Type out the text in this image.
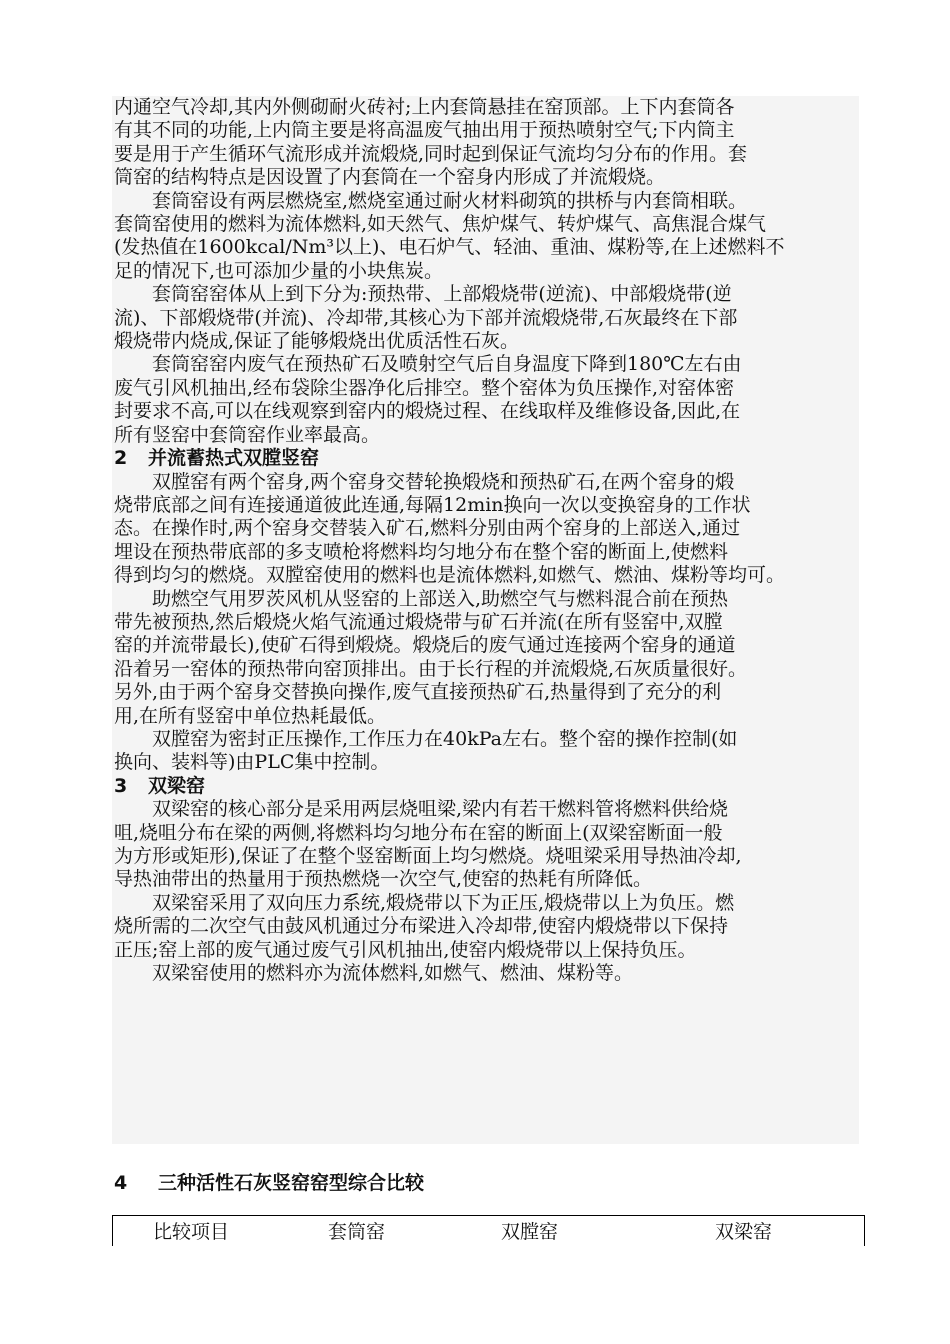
内通空气冷却,其内外侧砌耐火砖衬;上内套筒悬挂在窑顶部。上下内套筒各
有其不同的功能,上内筒主要是将高温废气抽出用于预热喷射空气;下内筒主
要是用于产生循环气流形成并流煅烧,同时起到保证气流均匀分布的作用。套
筒窑的结构特点是因设置了内套筒在一个窑身内形成了并流煅烧。

套筒窑设有两层燃烧室,燃烧室通过耐火材料砌筑的拱桥与内套筒相联。
套筒窑使用的燃料为流体燃料,如天然气、焦炉煤气、转炉煤气、高焦混合煤气
(发热值在1600kcal/Nm³以上)、电石炉气、轻油、重油、煤粉等,在上述燃料不
足的情况下,也可添加少量的小块焦炭。

套筒窑窑体从上到下分为:预热带、上部煅烧带(逆流)、中部煅烧带(逆
流)、下部煅烧带(并流)、冷却带,其核心为下部并流煅烧带,石灰最终在下部
煅烧带内烧成,保证了能够煅烧出优质活性石灰。

套筒窑窑内废气在预热矿石及喷射空气后自身温度下降到180℃左右由
废气引风机抽出,经布袋除尘器净化后排空。整个窑体为负压操作,对窑体密
封要求不高,可以在线观察到窑内的煅烧过程、在线取样及维修设备,因此,在
所有竖窑中套筒窑作业率最高。

2 并流蓄热式双膛竖窑

双膛窑有两个窑身,两个窑身交替轮换煅烧和预热矿石,在两个窑身的煅
烧带底部之间有连接通道彼此连通,每隔12min换向一次以变换窑身的工作状
态。在操作时,两个窑身交替装入矿石,燃料分别由两个窑身的上部送入,通过
埋设在预热带底部的多支喷枪将燃料均匀地分布在整个窑的断面上,使燃料
得到均匀的燃烧。双膛窑使用的燃料也是流体燃料,如燃气、燃油、煤粉等均可。

助燃空气用罗茨风机从竖窑的上部送入,助燃空气与燃料混合前在预热
带先被预热,然后煅烧火焰气流通过煅烧带与矿石并流(在所有竖窑中,双膛
窑的并流带最长),使矿石得到煅烧。煅烧后的废气通过连接两个窑身的通道
沿着另一窑体的预热带向窑顶排出。由于长行程的并流煅烧,石灰质量很好。
另外,由于两个窑身交替换向操作,废气直接预热矿石,热量得到了充分的利
用,在所有竖窑中单位热耗最低。

双膛窑为密封正压操作,工作压力在40kPa左右。整个窑的操作控制(如
换向、装料等)由PLC集中控制。

3 双梁窑

双梁窑的核心部分是采用两层烧咀梁,梁内有若干燃料管将燃料供给烧
咀,烧咀分布在梁的两侧,将燃料均匀地分布在窑的断面上(双梁窑断面一般
为方形或矩形),保证了在整个竖窑断面上均匀燃烧。烧咀梁采用导热油冷却,
导热油带出的热量用于预热燃烧一次空气,使窑的热耗有所降低。

双梁窑采用了双向压力系统,煅烧带以下为正压,煅烧带以上为负压。燃
烧所需的二次空气由鼓风机通过分布梁进入冷却带,使窑内煅烧带以下保持
正压;窑上部的废气通过废气引风机抽出,使窑内煅烧带以上保持负压。

双梁窑使用的燃料亦为流体燃料,如燃气、燃油、煤粉等。

4 三种活性石灰竖窑窑型综合比较
比较项目	套筒窑	双膛窑	双梁窑
